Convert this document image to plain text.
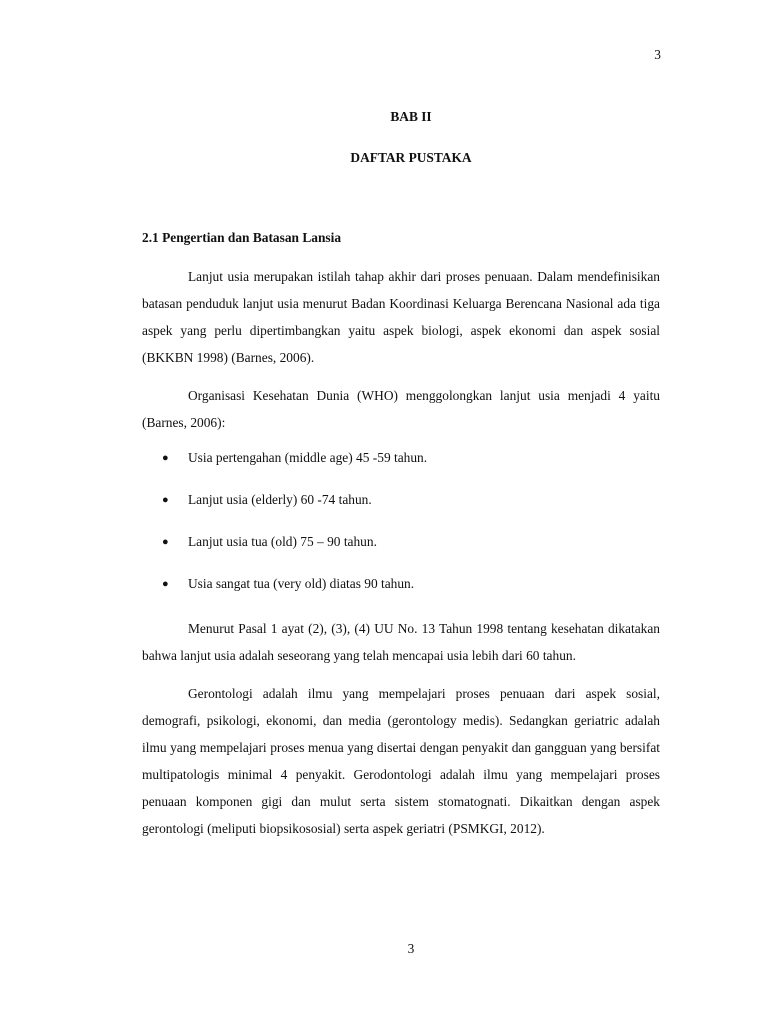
3
BAB II
DAFTAR PUSTAKA
2.1 Pengertian dan Batasan Lansia

Lanjut usia merupakan istilah tahap akhir dari proses penuaan. Dalam mendefinisikan batasan penduduk lanjut usia menurut Badan Koordinasi Keluarga Berencana Nasional ada tiga aspek yang perlu dipertimbangkan yaitu aspek biologi, aspek ekonomi dan aspek sosial (BKKBN 1998) (Barnes, 2006).

Organisasi Kesehatan Dunia (WHO) menggolongkan lanjut usia menjadi 4 yaitu (Barnes, 2006):

● Usia pertengahan (middle age) 45 -59 tahun.
● Lanjut usia (elderly) 60 -74 tahun.
● Lanjut usia tua (old) 75 – 90 tahun.
● Usia sangat tua (very old) diatas 90 tahun.

Menurut Pasal 1 ayat (2), (3), (4) UU No. 13 Tahun 1998 tentang kesehatan dikatakan bahwa lanjut usia adalah seseorang yang telah mencapai usia lebih dari 60 tahun.

Gerontologi adalah ilmu yang mempelajari proses penuaan dari aspek sosial, demografi, psikologi, ekonomi, dan media (gerontology medis). Sedangkan geriatric adalah ilmu yang mempelajari proses menua yang disertai dengan penyakit dan gangguan yang bersifat multipatologis minimal 4 penyakit. Gerodontologi adalah ilmu yang mempelajari proses penuaan komponen gigi dan mulut serta sistem stomatognati. Dikaitkan dengan aspek gerontologi (meliputi biopsikososial) serta aspek geriatri (PSMKGI, 2012).

3
